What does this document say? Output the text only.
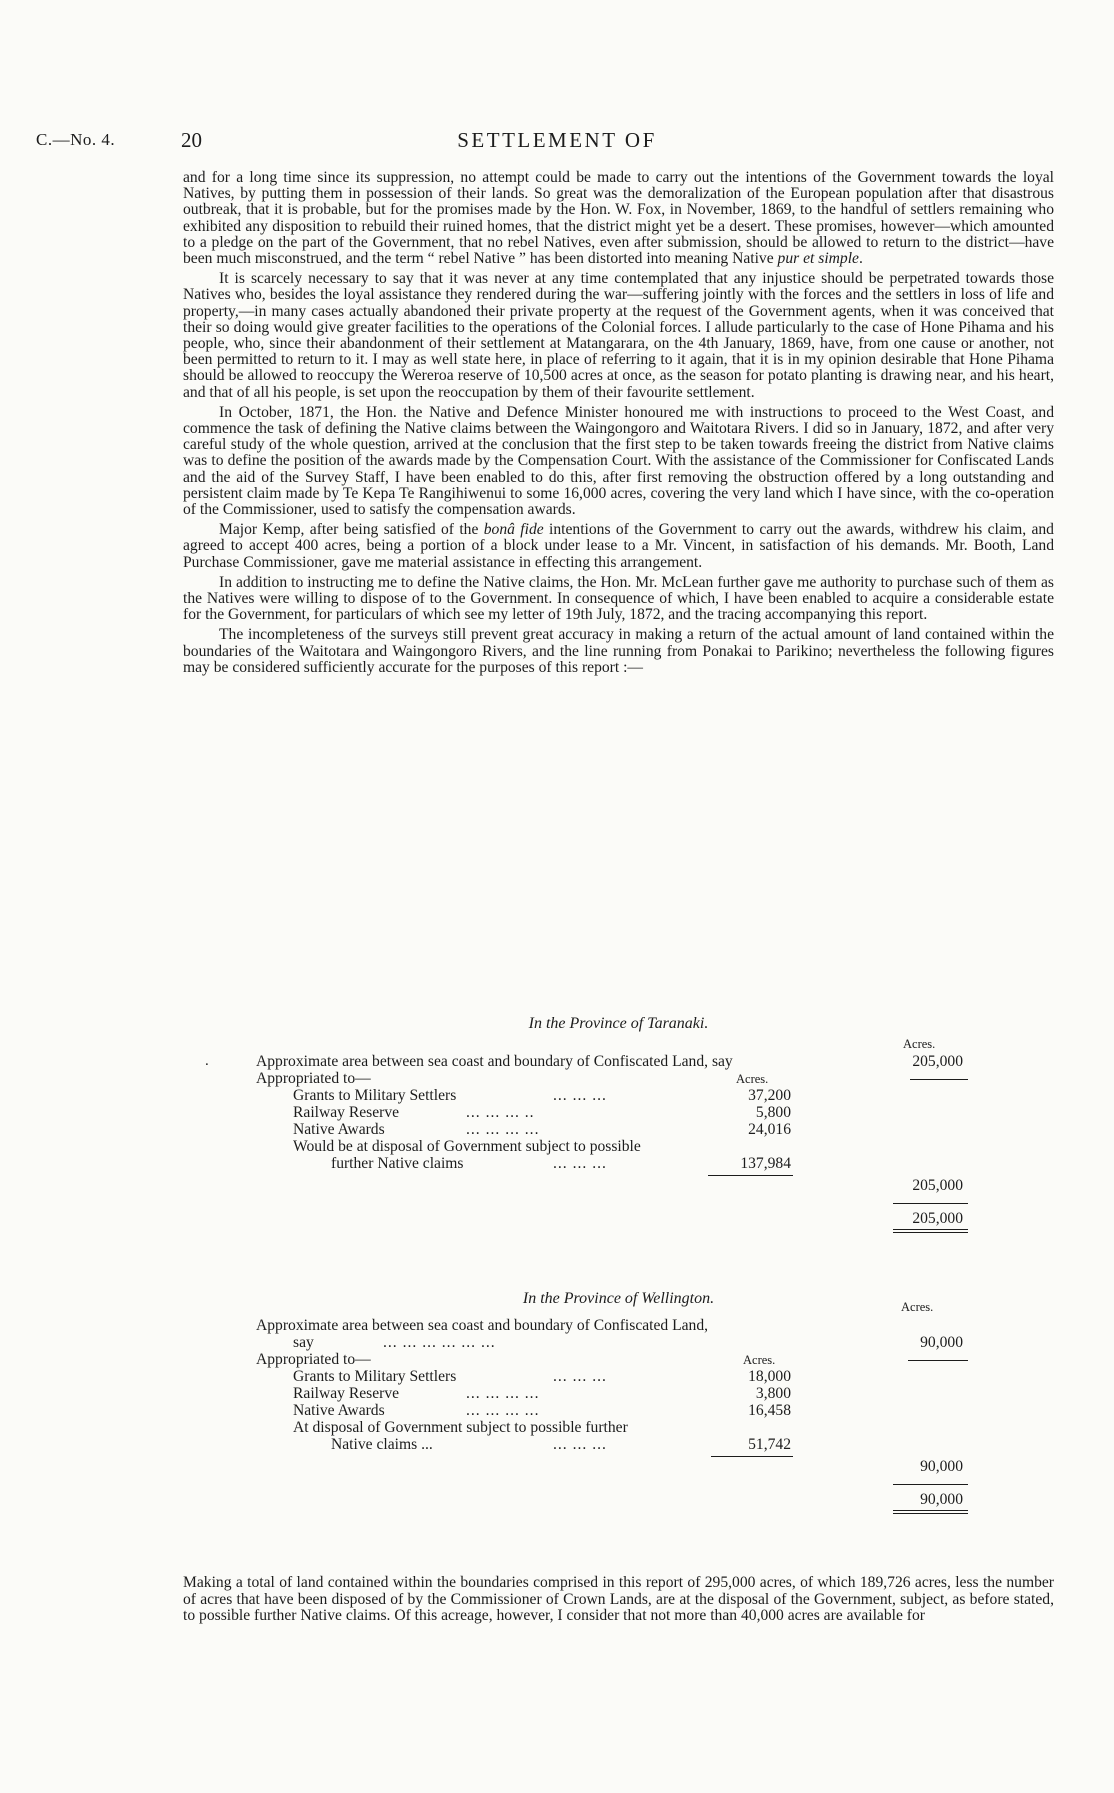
C.—No. 4.	20	SETTLEMENT OF

and for a long time since its suppression, no attempt could be made to carry out the intentions of the Government towards the loyal Natives, by putting them in possession of their lands. So great was the demoralization of the European population after that disastrous outbreak, that it is probable, but for the promises made by the Hon. W. Fox, in November, 1869, to the handful of settlers remaining who exhibited any disposition to rebuild their ruined homes, that the district might yet be a desert. These promises, however—which amounted to a pledge on the part of the Government, that no rebel Natives, even after submission, should be allowed to return to the district—have been much misconstrued, and the term “ rebel Native ” has been distorted into meaning Native pur et simple.

It is scarcely necessary to say that it was never at any time contemplated that any injustice should be perpetrated towards those Natives who, besides the loyal assistance they rendered during the war—suffering jointly with the forces and the settlers in loss of life and property,—in many cases actually abandoned their private property at the request of the Government agents, when it was conceived that their so doing would give greater facilities to the operations of the Colonial forces. I allude particularly to the case of Hone Pihama and his people, who, since their abandonment of their settlement at Matangarara, on the 4th January, 1869, have, from one cause or another, not been permitted to return to it. I may as well state here, in place of referring to it again, that it is in my opinion desirable that Hone Pihama should be allowed to reoccupy the Wereroa reserve of 10,500 acres at once, as the season for potato planting is drawing near, and his heart, and that of all his people, is set upon the reoccupation by them of their favourite settlement.

In October, 1871, the Hon. the Native and Defence Minister honoured me with instructions to proceed to the West Coast, and commence the task of defining the Native claims between the Waingongoro and Waitotara Rivers. I did so in January, 1872, and after very careful study of the whole question, arrived at the conclusion that the first step to be taken towards freeing the district from Native claims was to define the position of the awards made by the Compensation Court. With the assistance of the Commissioner for Confiscated Lands and the aid of the Survey Staff, I have been enabled to do this, after first removing the obstruction offered by a long outstanding and persistent claim made by Te Kepa Te Rangihiwenui to some 16,000 acres, covering the very land which I have since, with the co-operation of the Commissioner, used to satisfy the compensation awards.

Major Kemp, after being satisfied of the bonâ fide intentions of the Government to carry out the awards, withdrew his claim, and agreed to accept 400 acres, being a portion of a block under lease to a Mr. Vincent, in satisfaction of his demands. Mr. Booth, Land Purchase Commissioner, gave me material assistance in effecting this arrangement.

In addition to instructing me to define the Native claims, the Hon. Mr. McLean further gave me authority to purchase such of them as the Natives were willing to dispose of to the Government. In consequence of which, I have been enabled to acquire a considerable estate for the Government, for particulars of which see my letter of 19th July, 1872, and the tracing accompanying this report.

The incompleteness of the surveys still prevent great accuracy in making a return of the actual amount of land contained within the boundaries of the Waitotara and Waingongoro Rivers, and the line running from Ponakai to Parikino; nevertheless the following figures may be considered sufficiently accurate for the purposes of this report :—

In the Province of Taranaki.
Acres.
.	Approximate area between sea coast and boundary of Confiscated Land, say	205,000
Appropriated to—	Acres.
Grants to Military Settlers	... ... ...	37,200
Railway Reserve	... ... ... ..	5,800
Native Awards	... ... ... ...	24,016
Would be at disposal of Government subject to possible
further Native claims	... ... ...	137,984
205,000
205,000
In the Province of Wellington.	Acres.
Approximate area between sea coast and boundary of Confiscated Land,
say	... ... ... ... ... ...	90,000
Appropriated to—	Acres.
Grants to Military Settlers	... ... ...	18,000
Railway Reserve	... ... ... ...	3,800
Native Awards	... ... ... ...	16,458
At disposal of Government subject to possible further
Native claims ...	... ... ...	51,742
90,000
90,000

Making a total of land contained within the boundaries comprised in this report of 295,000 acres, of which 189,726 acres, less the number of acres that have been disposed of by the Commissioner of Crown Lands, are at the disposal of the Government, subject, as before stated, to possible further Native claims. Of this acreage, however, I consider that not more than 40,000 acres are available for
